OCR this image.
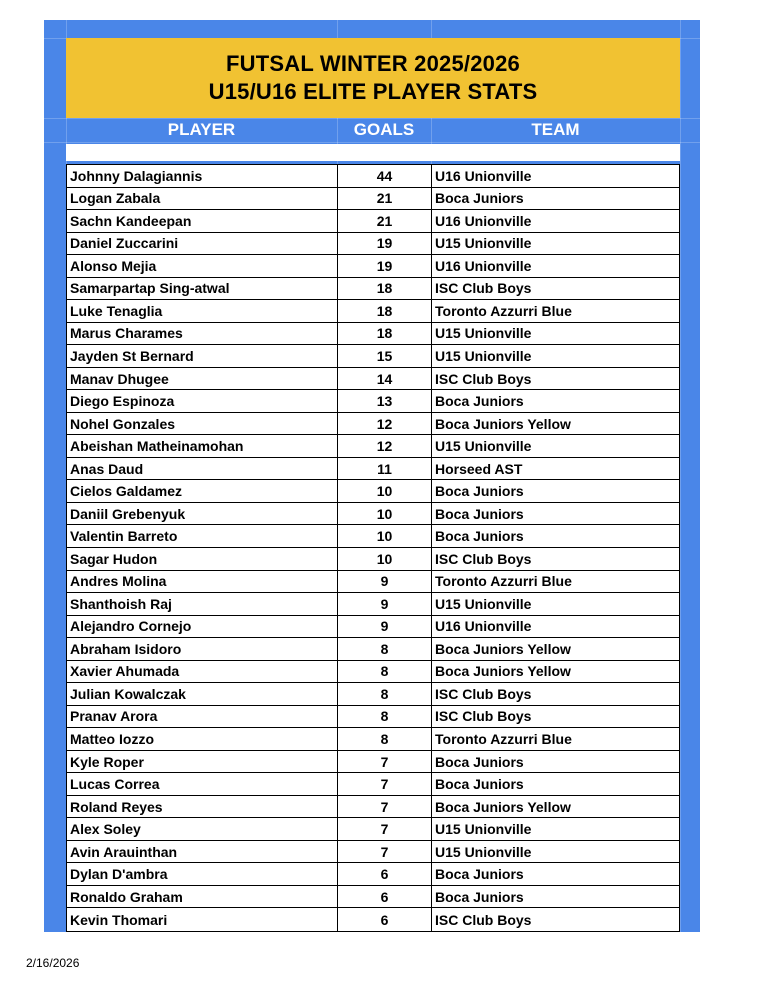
FUTSAL WINTER 2025/2026
U15/U16 ELITE PLAYER STATS
PLAYER	GOALS	TEAM
Johnny Dalagiannis	44	U16 Unionville
Logan Zabala	21	Boca Juniors
Sachn Kandeepan	21	U16 Unionville
Daniel Zuccarini	19	U15 Unionville
Alonso Mejia	19	U16 Unionville
Samarpartap Sing-atwal	18	ISC Club Boys
Luke Tenaglia	18	Toronto Azzurri Blue
Marus Charames	18	U15 Unionville
Jayden St Bernard	15	U15 Unionville
Manav Dhugee	14	ISC Club Boys
Diego Espinoza	13	Boca Juniors
Nohel Gonzales	12	Boca Juniors Yellow
Abeishan Matheinamohan	12	U15 Unionville
Anas Daud	11	Horseed AST
Cielos Galdamez	10	Boca Juniors
Daniil Grebenyuk	10	Boca Juniors
Valentin Barreto	10	Boca Juniors
Sagar Hudon	10	ISC Club Boys
Andres Molina	9	Toronto Azzurri Blue
Shanthoish Raj	9	U15 Unionville
Alejandro Cornejo	9	U16 Unionville
Abraham Isidoro	8	Boca Juniors Yellow
Xavier Ahumada	8	Boca Juniors Yellow
Julian Kowalczak	8	ISC Club Boys
Pranav Arora	8	ISC Club Boys
Matteo Iozzo	8	Toronto Azzurri Blue
Kyle Roper	7	Boca Juniors
Lucas Correa	7	Boca Juniors
Roland Reyes	7	Boca Juniors Yellow
Alex Soley	7	U15 Unionville
Avin Arauinthan	7	U15 Unionville
Dylan D'ambra	6	Boca Juniors
Ronaldo Graham	6	Boca Juniors
Kevin Thomari	6	ISC Club Boys
2/16/2026
